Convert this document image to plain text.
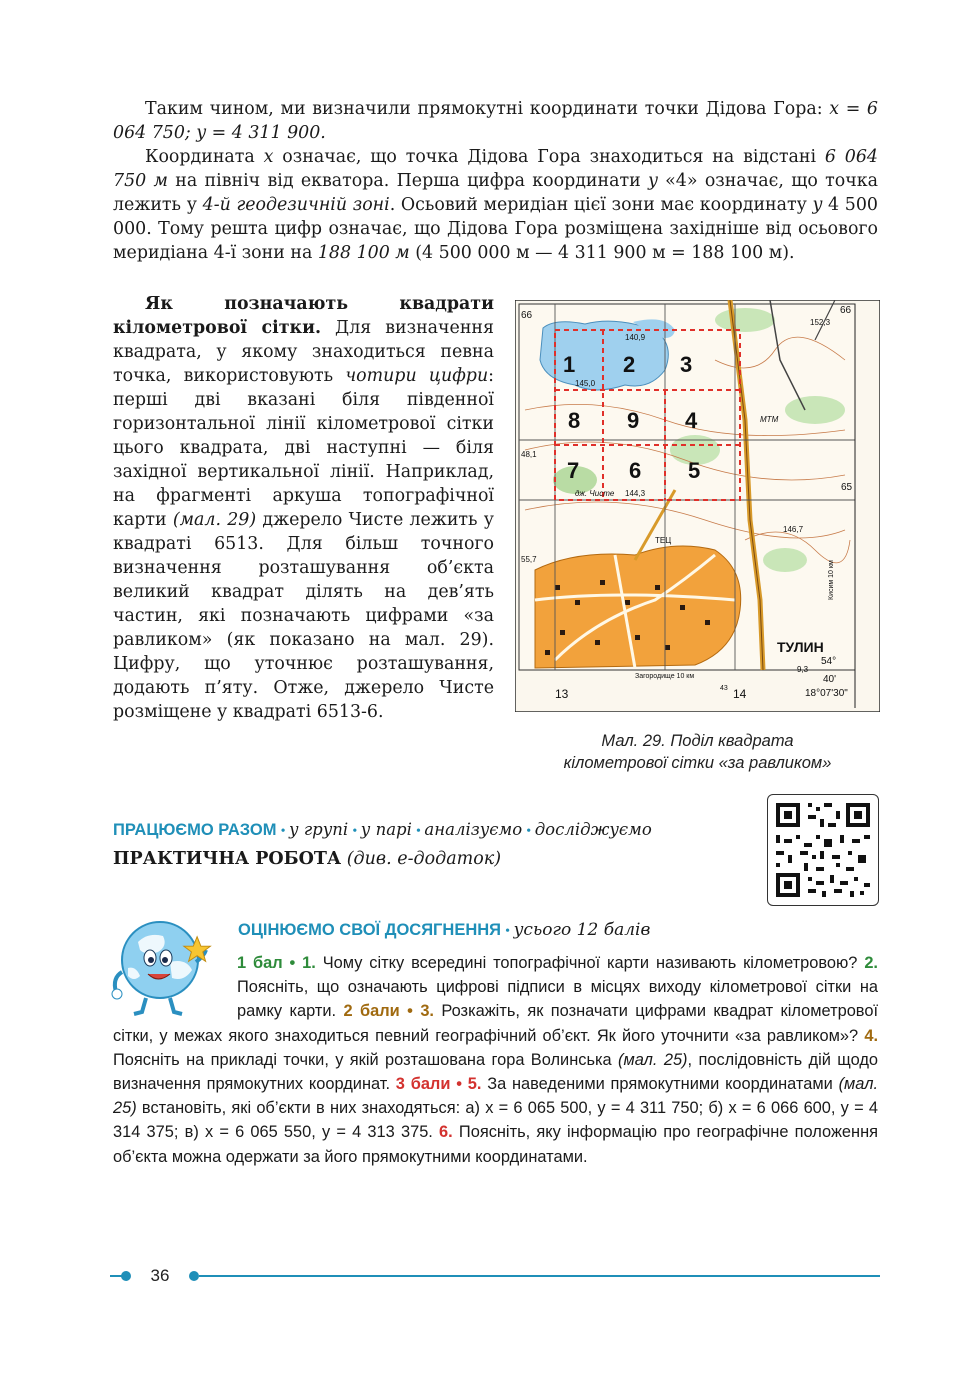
Таким чином, ми визначили прямокутні координати точки Дідова Гора: x = 6 064 750; y = 4 311 900.

Координата x означає, що точка Дідова Гора знаходиться на відстані 6 064 750 м на північ від екватора. Перша цифра координати y «4» означає, що точка лежить у 4-й геодезичній зоні. Осьовий меридіан цієї зони має координату y 4 500 000. Тому решта цифр означає, що Дідова Гора розміщена західніше від осьового меридіана 4-ї зони на 188 100 м (4 500 000 м — 4 311 900 м = 188 100 м).

Як позначають квадрати кілометрової сітки. Для визначення квадрата, у якому знаходиться певна точка, використовують чотири цифри: перші дві вказані біля південної горизонтальної лінії кілометрової сітки цього квадрата, дві наступні — біля західної вертикальної лінії. Наприклад, на фрагменті аркуша топографічної карти (мал. 29) джерело Чисте лежить у квадраті 6513. Для більш точного визначення розташування об’єкта великий квадрат ділять на дев’ять частин, які позначають цифрами «за равликом» (як показано на мал. 29). Цифру, що уточнює розташування, додають п’яту. Отже, джерело Чисте розміщене у квадраті 6513-6.

1 2 3
8 9 4
7 6 5
145,0
140,9
144,3
152,3
146,7
48,1
55,7
9,3
МТМ
ТЕЦ
дж. Чисте
ТУЛИН
66	66
65
13	14
43
Загородище 10 км
Кисим 10 км
54°
40'
18°07'30"
Мал. 29. Поділ квадрата
кілометрової сітки «за равликом»
ПРАЦЮЄМО РАЗОМ • у групі • у парі • аналізуємо • досліджуємо
ПРАКТИЧНА РОБОТА (див. е-додаток)
ОЦІНЮЄМО СВОЇ ДОСЯГНЕННЯ • усього 12 балів
1 бал • 1. Чому сітку всередині топографічної карти називають кілометровою? 2. Поясніть, що означають цифрові підписи в місцях виходу кілометрової сітки на рамку карти. 2 бали • 3. Розкажіть, як позначати цифрами квадрат кілометрової сітки, у межах якого знаходиться певний географічний об’єкт. Як його уточнити «за равликом»? 4. Поясніть на прикладі точки, у якій розташована гора Волинська (мал. 25), послідовність дій щодо визначення прямокутних координат. 3 бали • 5. За наведеними прямокутними координатами (мал. 25) встановіть, які об’єкти в них знаходяться: а) x = 6 065 500, y = 4 311 750; б) x = 6 066 600, y = 4 314 375; в) x = 6 065 550, y = 4 313 375. 6. Поясніть, яку інформацію про географічне положення об’єкта можна одержати за його прямокутними координатами.
36
